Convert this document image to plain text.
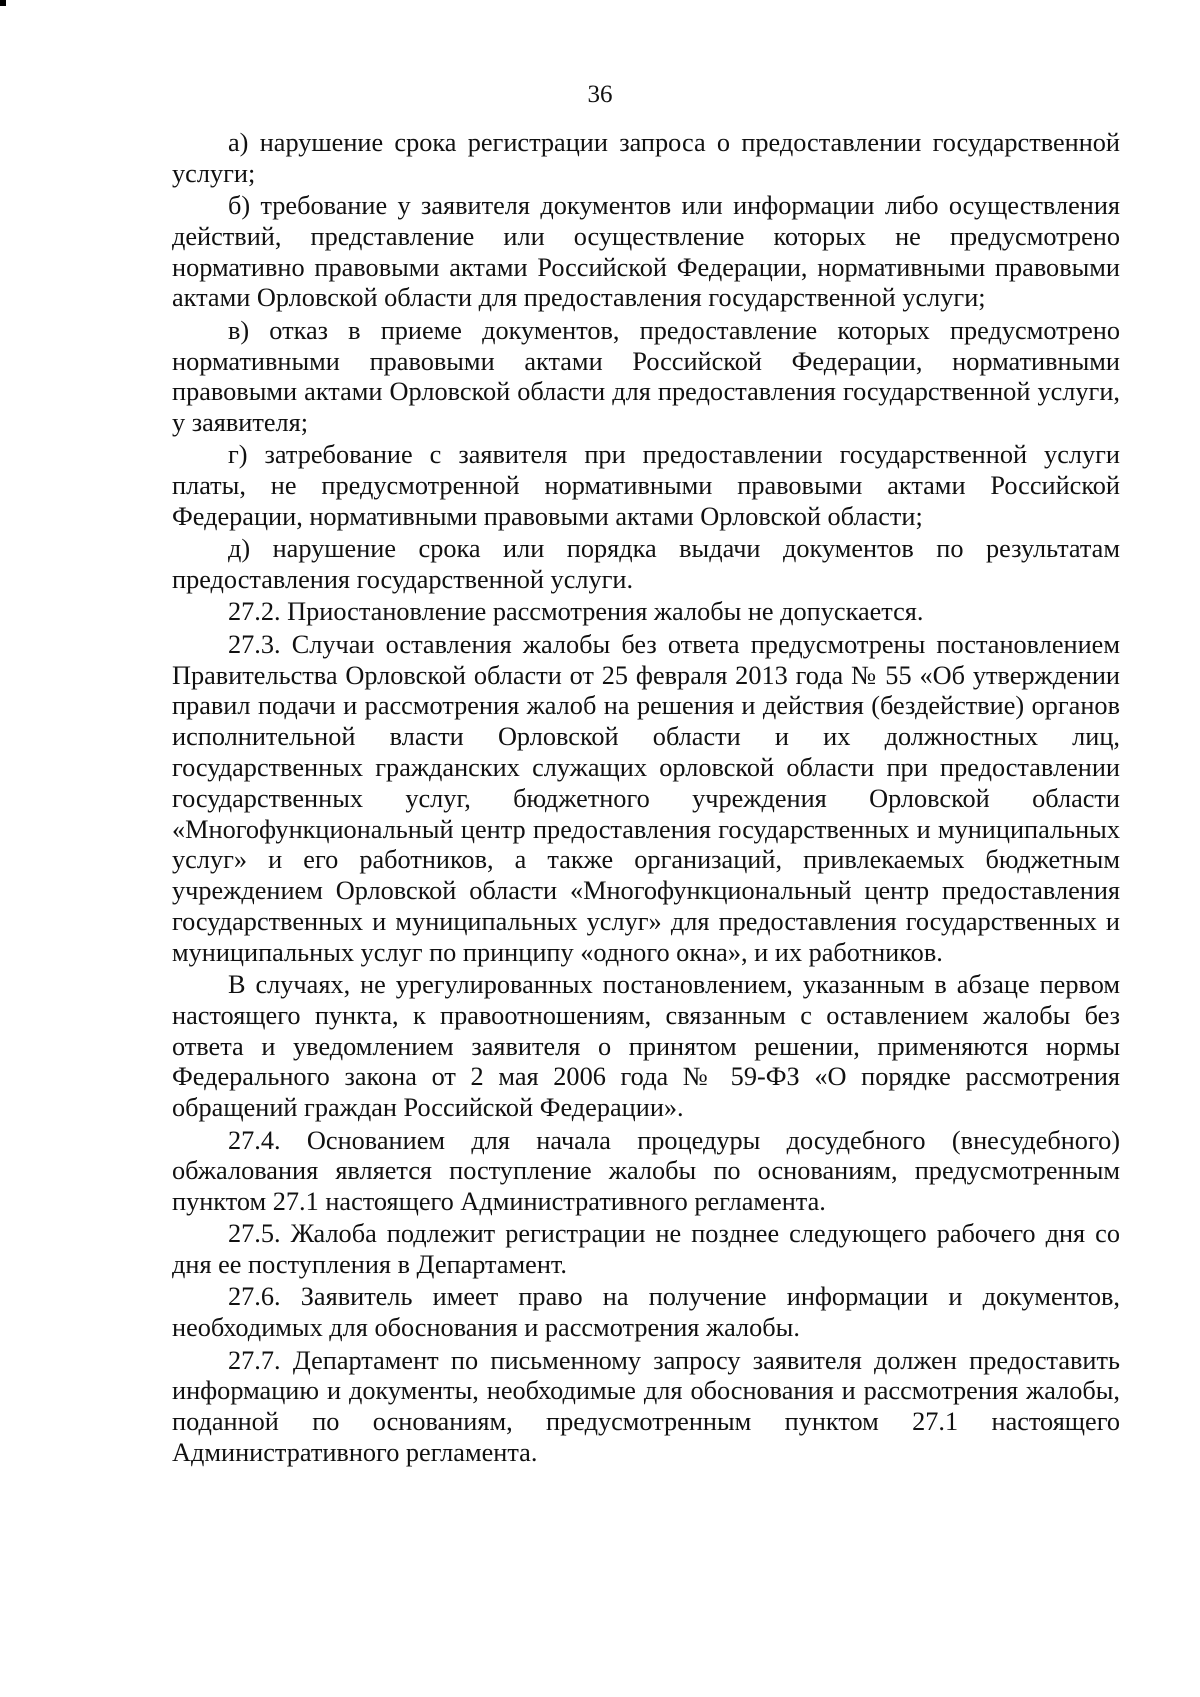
36

а) нарушение срока регистрации запроса о предоставлении государственной услуги;

б) требование у заявителя документов или информации либо осуществления действий, представление или осуществление которых не предусмотрено нормативно правовыми актами Российской Федерации, нормативными правовыми актами Орловской области для предоставления государственной услуги;

в) отказ в приеме документов, предоставление которых предусмотрено нормативными правовыми актами Российской Федерации, нормативными правовыми актами Орловской области для предоставления государственной услуги, у заявителя;

г) затребование с заявителя при предоставлении государственной услуги платы, не предусмотренной нормативными правовыми актами Российской Федерации, нормативными правовыми актами Орловской области;

д) нарушение срока или порядка выдачи документов по результатам предоставления государственной услуги.

27.2. Приостановление рассмотрения жалобы не допускается.

27.3. Случаи оставления жалобы без ответа предусмотрены постановлением Правительства Орловской области от 25 февраля 2013 года № 55 «Об утверждении правил подачи и рассмотрения жалоб на решения и действия (бездействие) органов исполнительной власти Орловской области и их должностных лиц, государственных гражданских служащих орловской области при предоставлении государственных услуг, бюджетного учреждения Орловской области «Многофункциональный центр предоставления государственных и муниципальных услуг» и его работников, а также организаций, привлекаемых бюджетным учреждением Орловской области «Многофункциональный центр предоставления государственных и муниципальных услуг» для предоставления государственных и муниципальных услуг по принципу «одного окна», и их работников.

В случаях, не урегулированных постановлением, указанным в абзаце первом настоящего пункта, к правоотношениям, связанным с оставлением жалобы без ответа и уведомлением заявителя о принятом решении, применяются нормы Федерального закона от 2 мая 2006 года № 59-ФЗ «О порядке рассмотрения обращений граждан Российской Федерации».

27.4. Основанием для начала процедуры досудебного (внесудебного) обжалования является поступление жалобы по основаниям, предусмотренным пунктом 27.1 настоящего Административного регламента.

27.5. Жалоба подлежит регистрации не позднее следующего рабочего дня со дня ее поступления в Департамент.

27.6. Заявитель имеет право на получение информации и документов, необходимых для обоснования и рассмотрения жалобы.

27.7. Департамент по письменному запросу заявителя должен предоставить информацию и документы, необходимые для обоснования и рассмотрения жалобы, поданной по основаниям, предусмотренным пунктом 27.1 настоящего Административного регламента.
